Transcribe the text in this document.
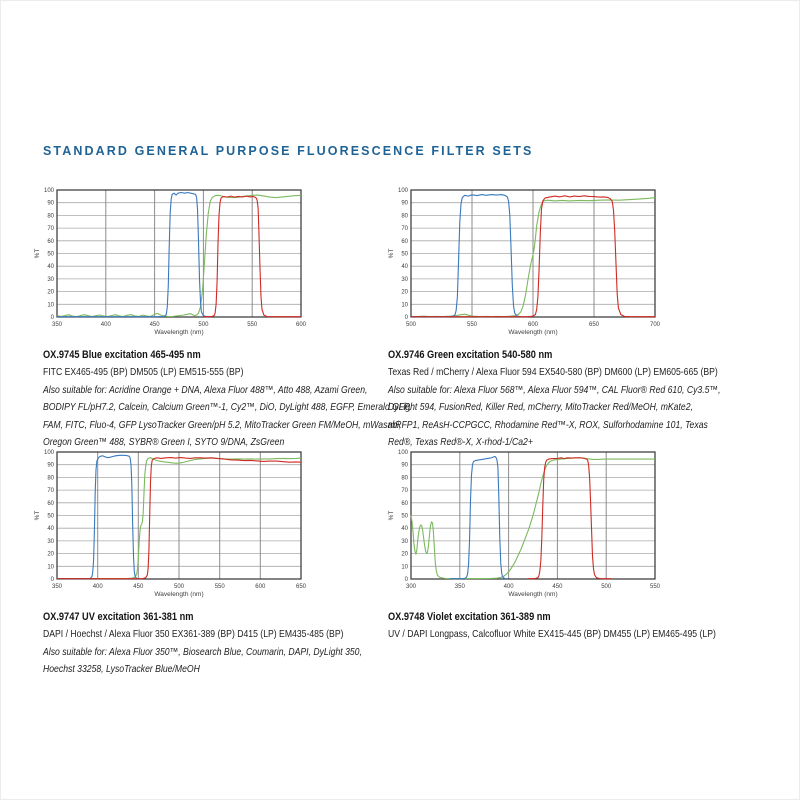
STANDARD GENERAL PURPOSE FLUORESCENCE FILTER SETS
350	400	450	500	550	600
0
10
20
30
40
50
60
70
80
90
100
Wavelength (nm)
%T
OX.9745 Blue excitation 465-495 nm
FITC EX465-495 (BP) DM505 (LP) EM515-555 (BP)
Also suitable for: Acridine Orange + DNA, Alexa Fluor 488™, Atto 488, Azami Green,
BODIPY FL/pH7.2, Calcein, Calcium Green™-1, Cy2™, DiO, DyLight 488, EGFP, Emerald GFP,
FAM, FITC, Fluo-4, GFP LysoTracker Green/pH 5.2, MitoTracker Green FM/MeOH, mWasabi,
Oregon Green™ 488, SYBR® Green I, SYTO 9/DNA, ZsGreen
500	550	600	650	700
0
10
20
30
40
50
60
70
80
90
100
Wavelength (nm)
%T
OX.9746 Green excitation 540-580 nm
Texas Red / mCherry / Alexa Fluor 594 EX540-580 (BP) DM600 (LP) EM605-665 (BP)
Also suitable for: Alexa Fluor 568™, Alexa Fluor 594™, CAL Fluor® Red 610, Cy3.5™,
DyLight 594, FusionRed, Killer Red, mCherry, MitoTracker Red/MeOH, mKate2,
mRFP1, ReAsH-CCPGCC, Rhodamine Red™-X, ROX, Sulforhodamine 101, Texas
Red®, Texas Red®-X, X-rhod-1/Ca2+
350	400	450	500	550	600	650
0
10
20
30
40
50
60
70
80
90
100
Wavelength (nm)
%T
OX.9747 UV excitation 361-381 nm
DAPI / Hoechst / Alexa Fluor 350 EX361-389 (BP) D415 (LP) EM435-485 (BP)
Also suitable for: Alexa Fluor 350™, Biosearch Blue, Coumarin, DAPI, DyLight 350,
Hoechst 33258, LysoTracker Blue/MeOH
300	350	400	450	500	550
0
10
20
30
40
50
60
70
80
90
100
Wavelength (nm)
%T
OX.9748 Violet excitation 361-389 nm
UV / DAPI Longpass, Calcofluor White EX415-445 (BP) DM455 (LP) EM465-495 (LP)
